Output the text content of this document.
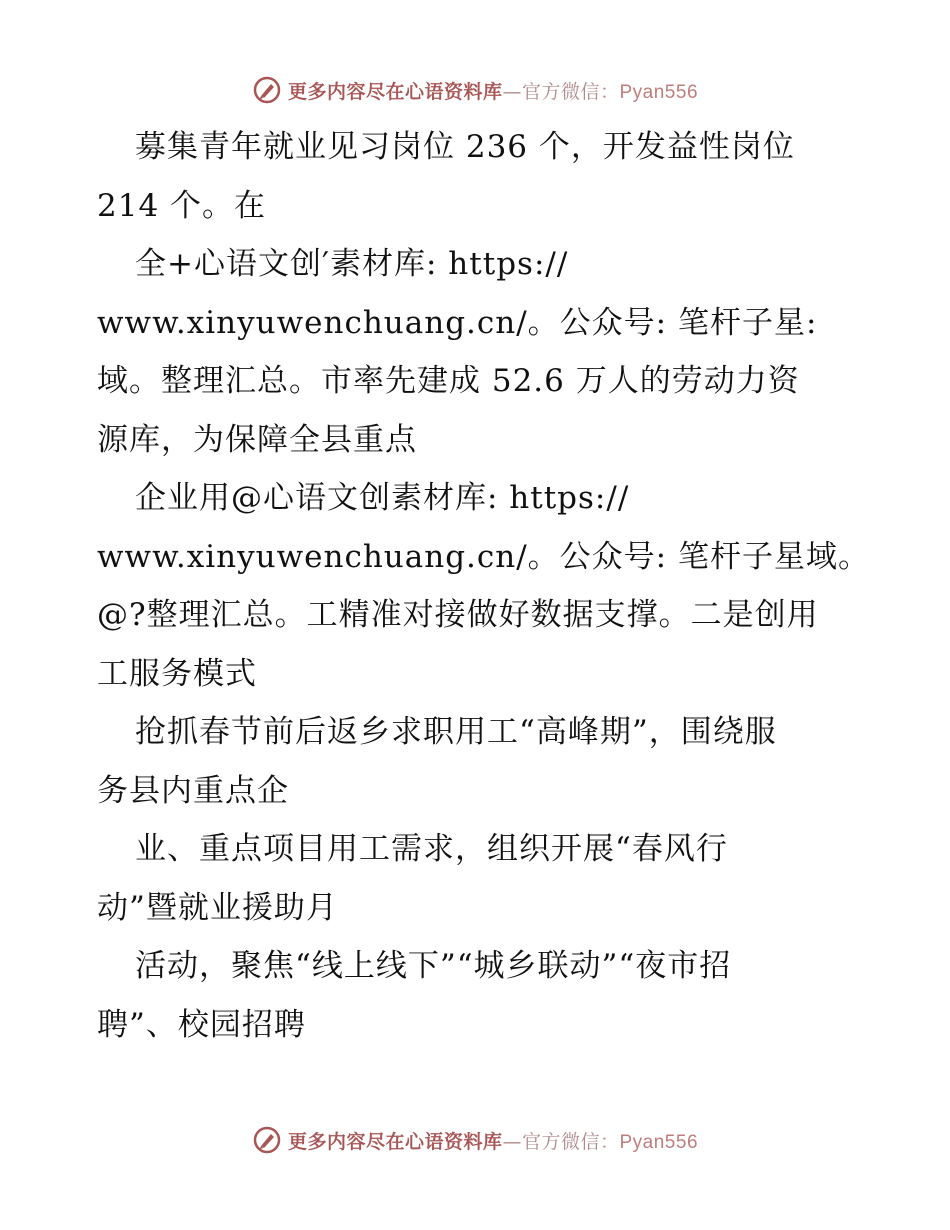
更多内容尽在心语资料库—官方微信：Pyan556
募集青年就业见习岗位 236 个，开发益性岗位
214 个。在
全+心语文创′素材库: https://
www.xinyuwenchuang.cn/。公众号: 笔杆子星:
域。整理汇总。市率先建成 52.6 万人的劳动力资
源库，为保障全县重点
企业用@心语文创素材库: https://
www.xinyuwenchuang.cn/。公众号: 笔杆子星域。
@?整理汇总。工精准对接做好数据支撑。二是创用
工服务模式
抢抓春节前后返乡求职用工“高峰期”，围绕服
务县内重点企
业、重点项目用工需求，组织开展“春风行
动”暨就业援助月
活动，聚焦“线上线下”“城乡联动”“夜市招
聘”、校园招聘
更多内容尽在心语资料库—官方微信：Pyan556
